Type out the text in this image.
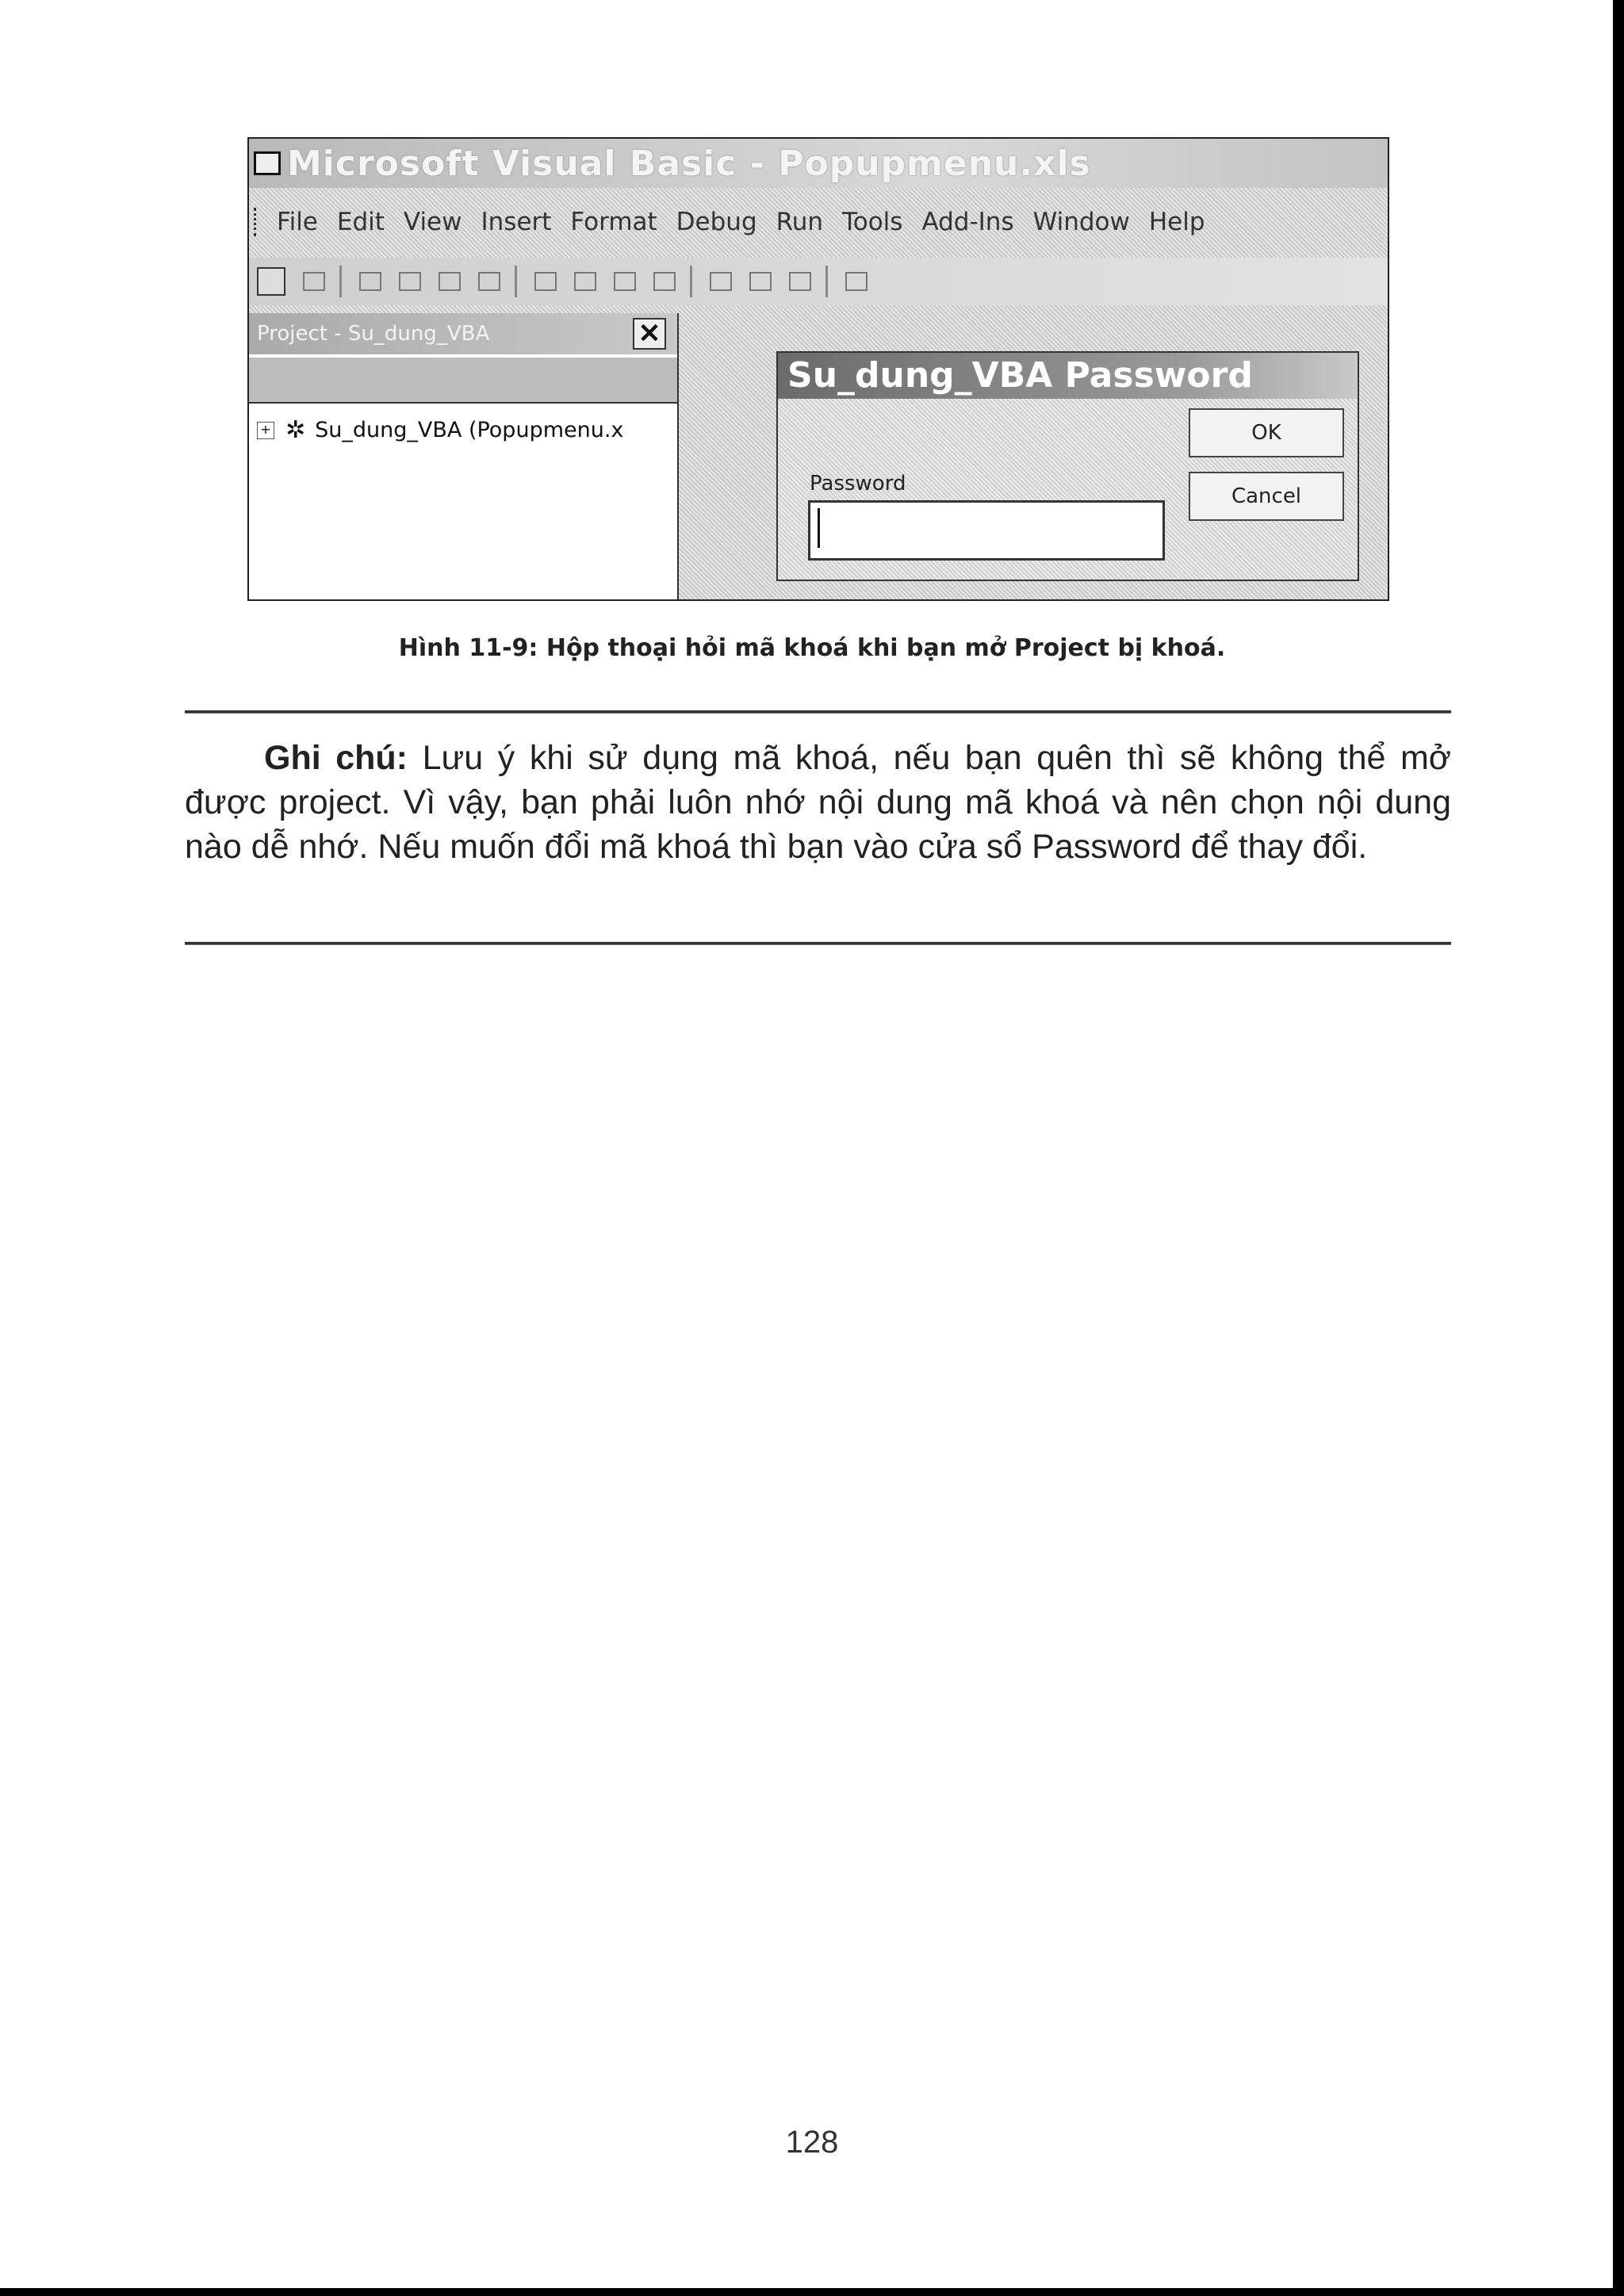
Microsoft Visual Basic - Popupmenu.xls
File Edit View Insert Format Debug Run Tools Add-Ins Window Help
Project - Su_dung_VBA	✕
+ ✲ Su_dung_VBA (Popupmenu.x
Su_dung_VBA Password
Password
OK
Cancel
Hình 11-9: Hộp thoại hỏi mã khoá khi bạn mở Project bị khoá.
Ghi chú: Lưu ý khi sử dụng mã khoá, nếu bạn quên thì sẽ không thể mở được project. Vì vậy, bạn phải luôn nhớ nội dung mã khoá và nên chọn nội dung nào dễ nhớ. Nếu muốn đổi mã khoá thì bạn vào cửa sổ Password để thay đổi.
128
